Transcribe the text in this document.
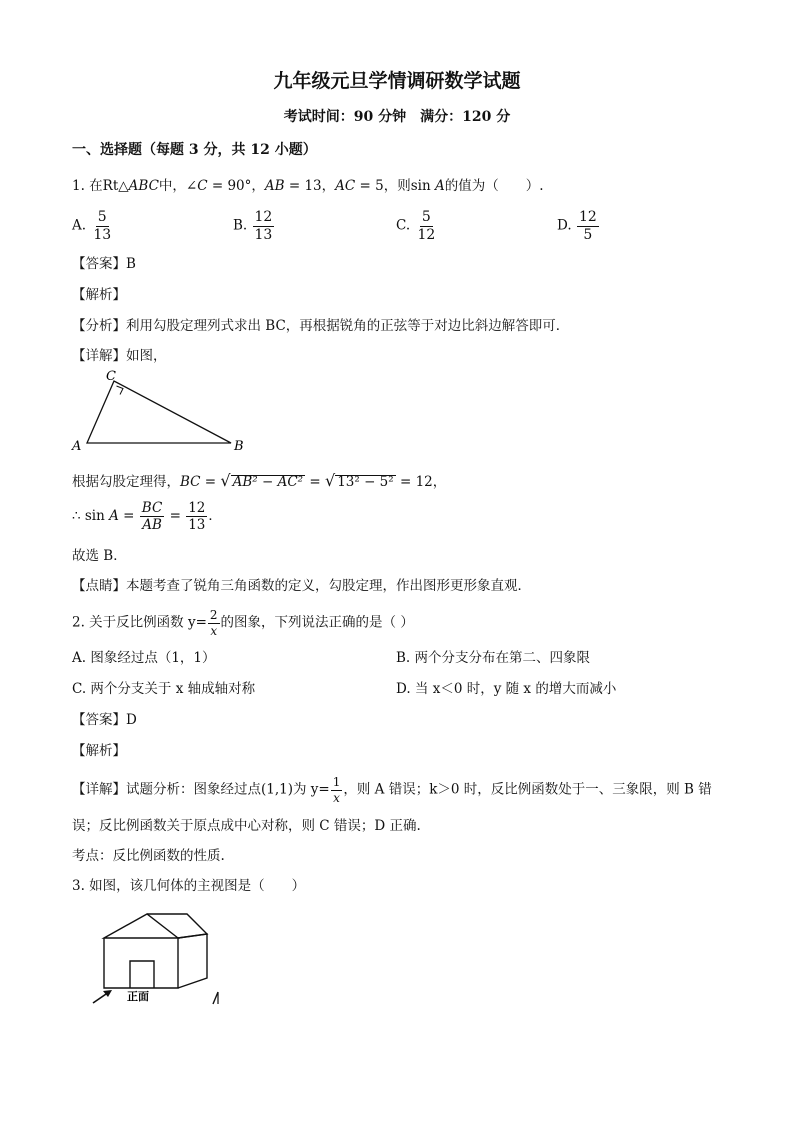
九年级元旦学情调研数学试题
考试时间：90 分钟　满分：120 分
一、选择题（每题 3 分，共 12 小题）
1. 在Rt△ABC中，∠C = 90°，AB = 13，AC = 5，则sin A的值为（　　）.
A. $\frac{5}{13}$	B. $\frac{12}{13}$	C. $\frac{5}{12}$	D. $\frac{12}{5}$
【答案】B
【解析】
【分析】利用勾股定理列式求出 BC，再根据锐角的正弦等于对边比斜边解答即可．
【详解】如图，
C
A	B
根据勾股定理得，BC = √ AB² − AC² = √ 13² − 5² = 12，
∴ $\sin A = \frac{BC}{AB} = \frac{12}{13}$ ．
故选 B．
【点睛】本题考查了锐角三角函数的定义，勾股定理，作出图形更形象直观．
2. 关于反比例函数 $y= \frac{2}{x}$ 的图象，下列说法正确的是（ ）
A. 图象经过点（1，1）	B. 两个分支分布在第二、四象限
C. 两个分支关于 x 轴成轴对称	D. 当 x＜0 时，y 随 x 的增大而减小
【答案】D
【解析】
【详解】试题分析：图象经过点(1,1)为 $y= \frac{1}{x}$ ，则 A 错误；k＞0 时，反比例函数处于一、三象限，则 B 错
误；反比例函数关于原点成中心对称，则 C 错误；D 正确.
考点：反比例函数的性质.
3. 如图，该几何体的主视图是（　　）
正面
